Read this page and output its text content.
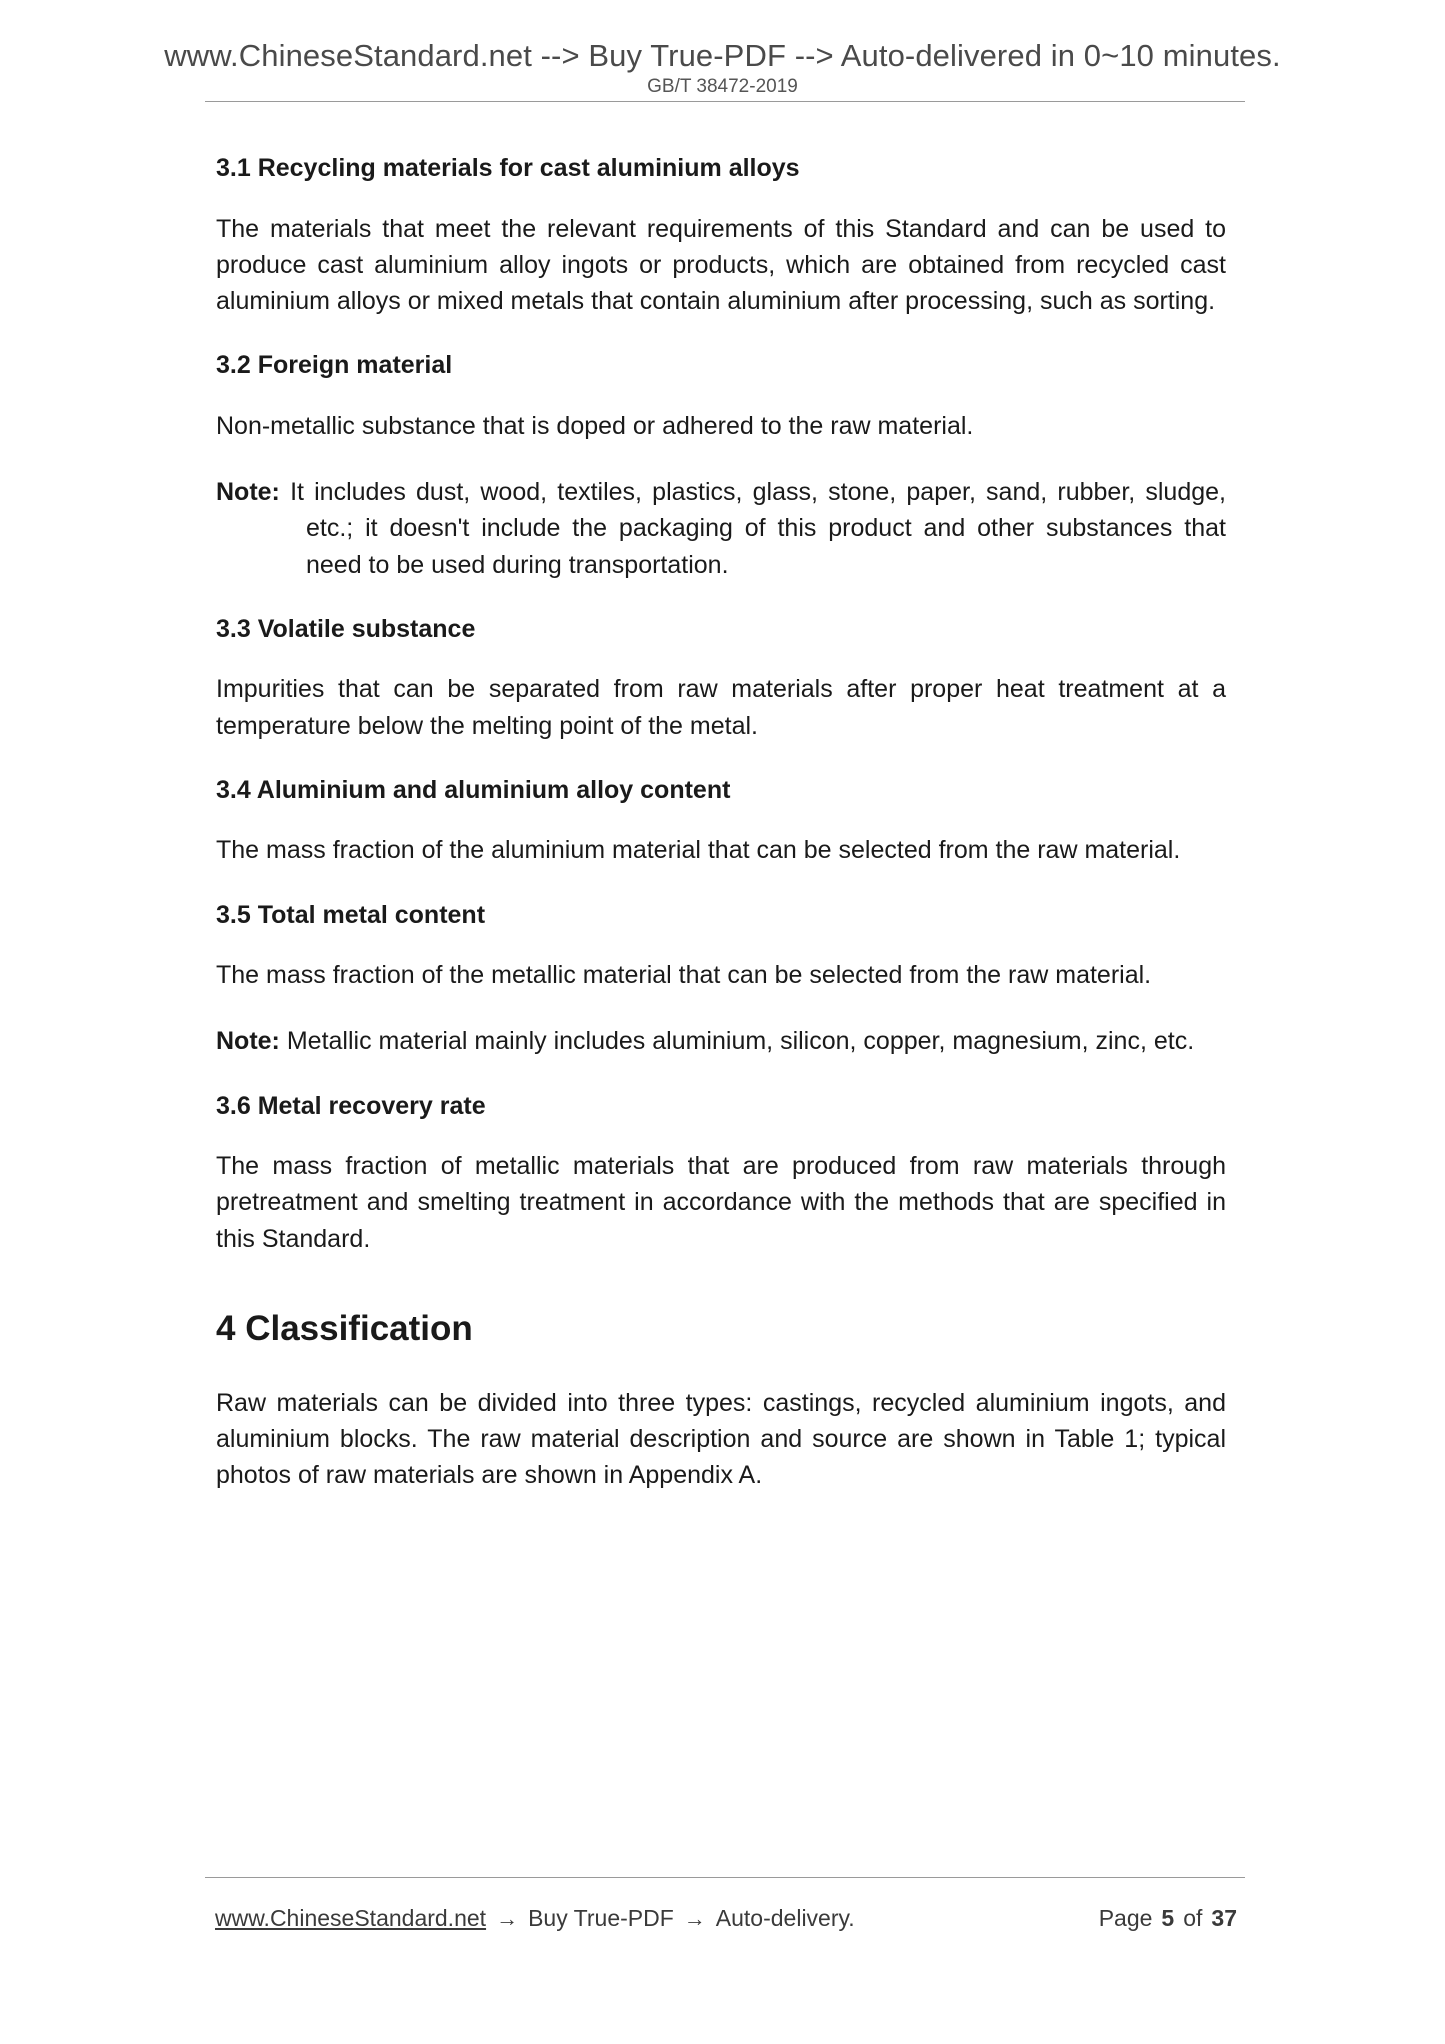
www.ChineseStandard.net --> Buy True-PDF --> Auto-delivered in 0~10 minutes.
GB/T 38472-2019
3.1 Recycling materials for cast aluminium alloys

The materials that meet the relevant requirements of this Standard and can be used to produce cast aluminium alloy ingots or products, which are obtained from recycled cast aluminium alloys or mixed metals that contain aluminium after processing, such as sorting.

3.2 Foreign material

Non-metallic substance that is doped or adhered to the raw material.

Note: It includes dust, wood, textiles, plastics, glass, stone, paper, sand, rubber, sludge, etc.; it doesn't include the packaging of this product and other substances that need to be used during transportation.

3.3 Volatile substance

Impurities that can be separated from raw materials after proper heat treatment at a temperature below the melting point of the metal.

3.4 Aluminium and aluminium alloy content

The mass fraction of the aluminium material that can be selected from the raw material.

3.5 Total metal content

The mass fraction of the metallic material that can be selected from the raw material.

Note: Metallic material mainly includes aluminium, silicon, copper, magnesium, zinc, etc.

3.6 Metal recovery rate

The mass fraction of metallic materials that are produced from raw materials through pretreatment and smelting treatment in accordance with the methods that are specified in this Standard.

4 Classification

Raw materials can be divided into three types: castings, recycled aluminium ingots, and aluminium blocks. The raw material description and source are shown in Table 1; typical photos of raw materials are shown in Appendix A.

www.ChineseStandard.net → Buy True-PDF → Auto-delivery.	Page 5 of 37
